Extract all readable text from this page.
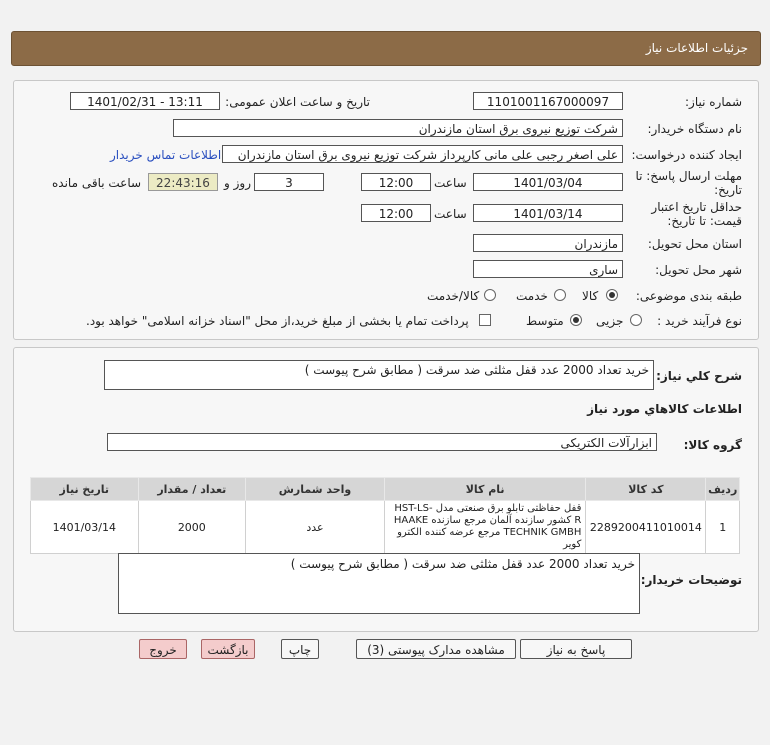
جزئیات اطلاعات نیاز
شماره نیاز:
1101001167000097
تاریخ و ساعت اعلان عمومی:
1401/02/31 - 13:11
نام دستگاه خریدار:
شرکت توزیع نیروی برق استان مازندران
ایجاد کننده درخواست:
علی اصغر رجبی علی مانی کارپرداز شرکت توزیع نیروی برق استان مازندران
اطلاعات تماس خریدار
مهلت ارسال پاسخ: تا
تاریخ:
1401/03/04
ساعت
12:00
3
روز و
22:43:16
ساعت باقی مانده
حداقل تاریخ اعتبار
قیمت: تا تاریخ:
1401/03/14
ساعت
12:00
استان محل تحویل:
مازندران
شهر محل تحویل:
ساری
طبقه بندی موضوعی:
کالا
خدمت
کالا/خدمت
نوع فرآیند خرید :
جزیی
متوسط
پرداخت تمام یا بخشی از مبلغ خرید،از محل "اسناد خزانه اسلامی" خواهد بود.
شرح کلي نياز:
خرید تعداد 2000 عدد قفل مثلثی ضد سرقت ( مطابق شرح پیوست )
اطلاعات کالاهاي مورد نياز
گروه کالا:
ابزارآلات الکتریکی
ردیف	کد کالا	نام کالا	واحد شمارش	تعداد / مقدار	تاریخ نیاز
1	2289200411010014	قفل حفاظتی تابلو برق صنعتی مدل HST-LS-R کشور سازنده آلمان مرجع سازنده HAAKE TECHNIK GMBH مرجع عرضه کننده الکترو کویر	عدد	2000	1401/03/14
توضیحات خریدار:
خرید تعداد 2000 عدد قفل مثلثی ضد سرقت ( مطابق شرح پیوست )
پاسخ به نیاز
مشاهده مدارک پیوستی (3)
چاپ
بازگشت
خروج
